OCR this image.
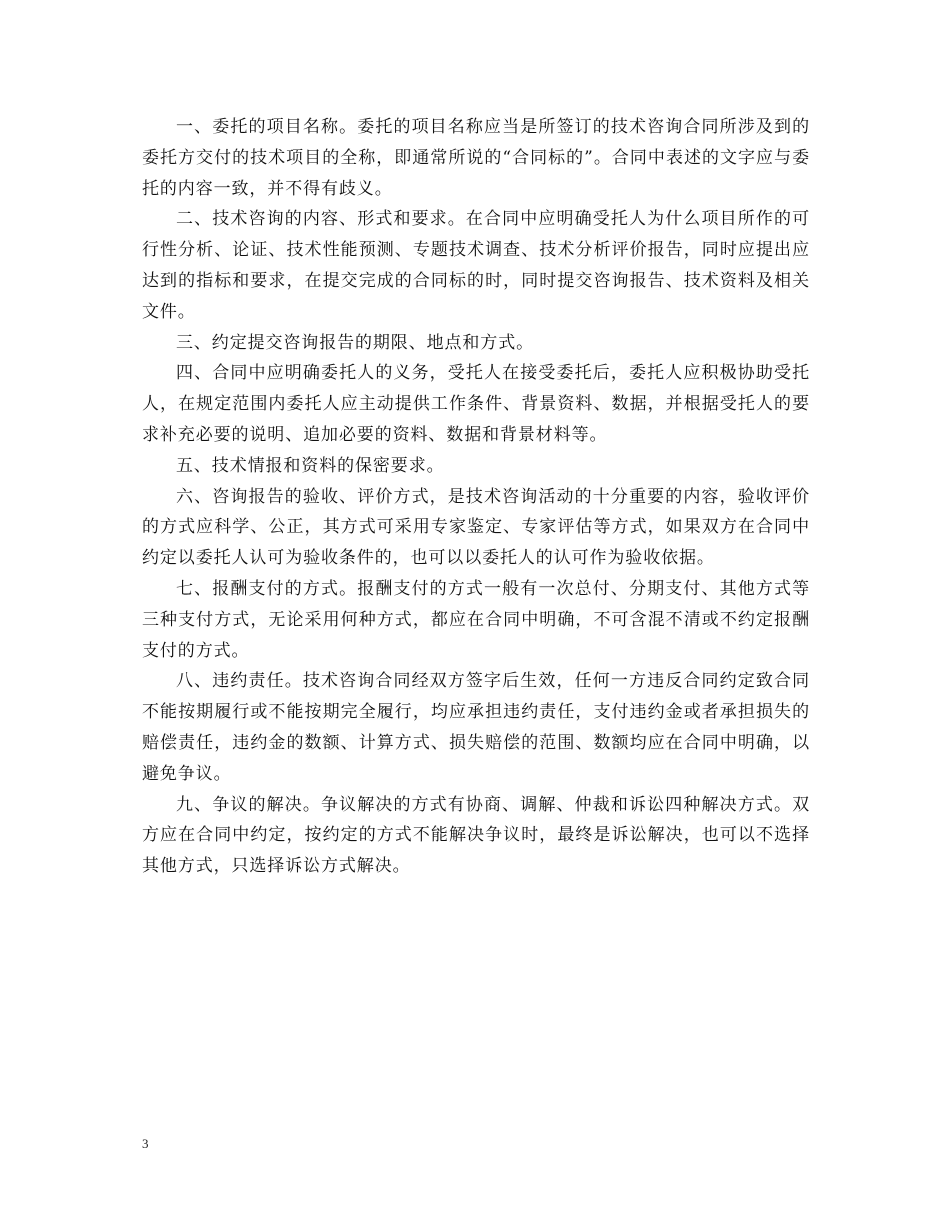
一、委托的项目名称。委托的项目名称应当是所签订的技术咨询合同所涉及到的委托方交付的技术项目的全称，即通常所说的“合同标的”。合同中表述的文字应与委托的内容一致，并不得有歧义。

二、技术咨询的内容、形式和要求。在合同中应明确受托人为什么项目所作的可行性分析、论证、技术性能预测、专题技术调查、技术分析评价报告，同时应提出应达到的指标和要求，在提交完成的合同标的时，同时提交咨询报告、技术资料及相关文件。

三、约定提交咨询报告的期限、地点和方式。

四、合同中应明确委托人的义务，受托人在接受委托后，委托人应积极协助受托人，在规定范围内委托人应主动提供工作条件、背景资料、数据，并根据受托人的要求补充必要的说明、追加必要的资料、数据和背景材料等。

五、技术情报和资料的保密要求。

六、咨询报告的验收、评价方式，是技术咨询活动的十分重要的内容，验收评价的方式应科学、公正，其方式可采用专家鉴定、专家评估等方式，如果双方在合同中约定以委托人认可为验收条件的，也可以以委托人的认可作为验收依据。

七、报酬支付的方式。报酬支付的方式一般有一次总付、分期支付、其他方式等三种支付方式，无论采用何种方式，都应在合同中明确，不可含混不清或不约定报酬支付的方式。

八、违约责任。技术咨询合同经双方签字后生效，任何一方违反合同约定致合同不能按期履行或不能按期完全履行，均应承担违约责任，支付违约金或者承担损失的赔偿责任，违约金的数额、计算方式、损失赔偿的范围、数额均应在合同中明确，以避免争议。

九、争议的解决。争议解决的方式有协商、调解、仲裁和诉讼四种解决方式。双方应在合同中约定，按约定的方式不能解决争议时，最终是诉讼解决，也可以不选择其他方式，只选择诉讼方式解决。

3
